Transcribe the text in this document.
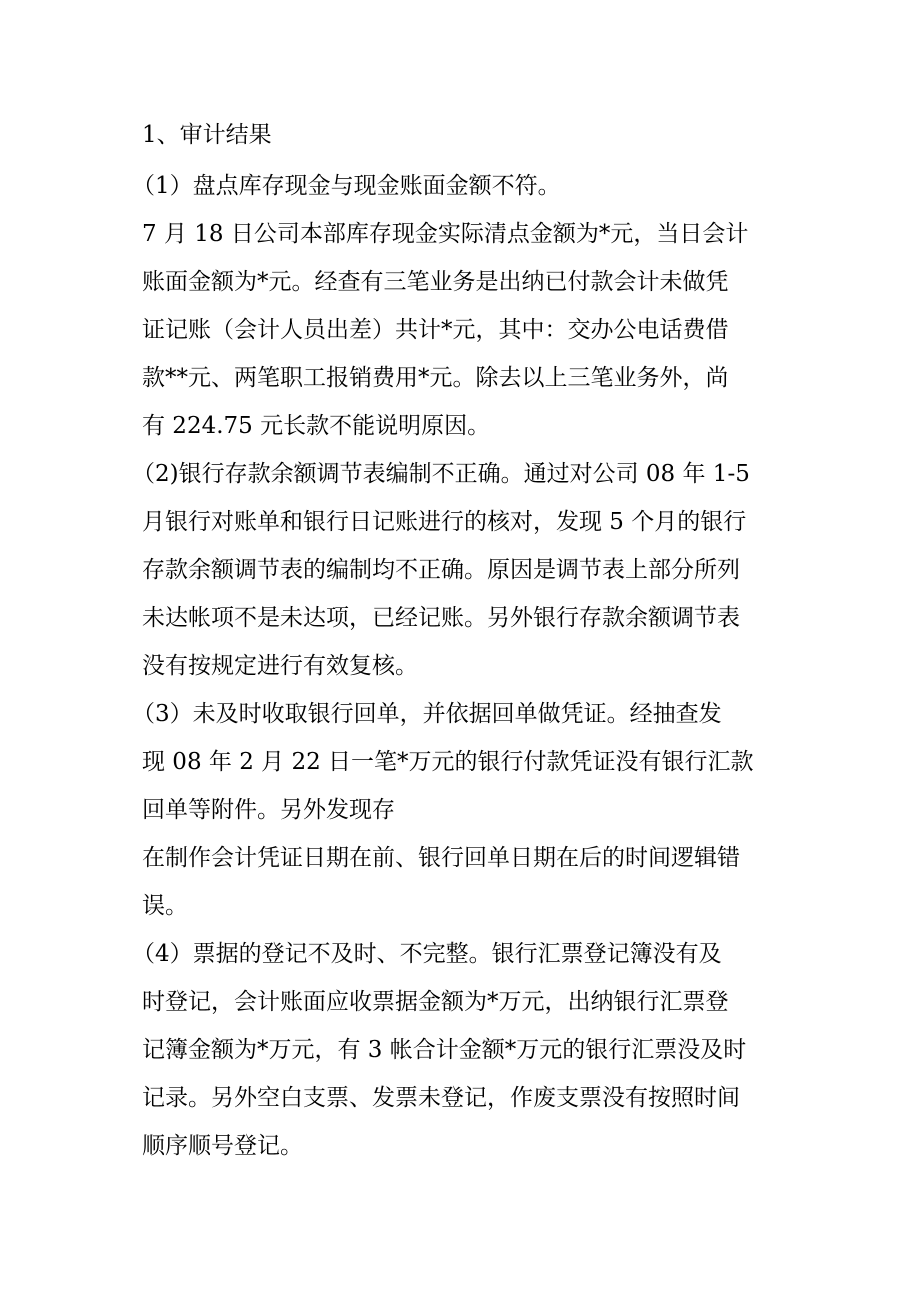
1、审计结果
（1）盘点库存现金与现金账面金额不符。
7 月 18 日公司本部库存现金实际清点金额为*元，当日会计
账面金额为*元。经查有三笔业务是出纳已付款会计未做凭
证记账（会计人员出差）共计*元，其中：交办公电话费借
款**元、两笔职工报销费用*元。除去以上三笔业务外，尚
有 224.75 元长款不能说明原因。
（2)银行存款余额调节表编制不正确。通过对公司 08 年 1-5
月银行对账单和银行日记账进行的核对，发现 5 个月的银行
存款余额调节表的编制均不正确。原因是调节表上部分所列
未达帐项不是未达项，已经记账。另外银行存款余额调节表
没有按规定进行有效复核。
（3）未及时收取银行回单，并依据回单做凭证。经抽查发
现 08 年 2 月 22 日一笔*万元的银行付款凭证没有银行汇款
回单等附件。另外发现存
在制作会计凭证日期在前、银行回单日期在后的时间逻辑错
误。
（4）票据的登记不及时、不完整。银行汇票登记簿没有及
时登记，会计账面应收票据金额为*万元，出纳银行汇票登
记簿金额为*万元，有 3 帐合计金额*万元的银行汇票没及时
记录。另外空白支票、发票未登记，作废支票没有按照时间
顺序顺号登记。
